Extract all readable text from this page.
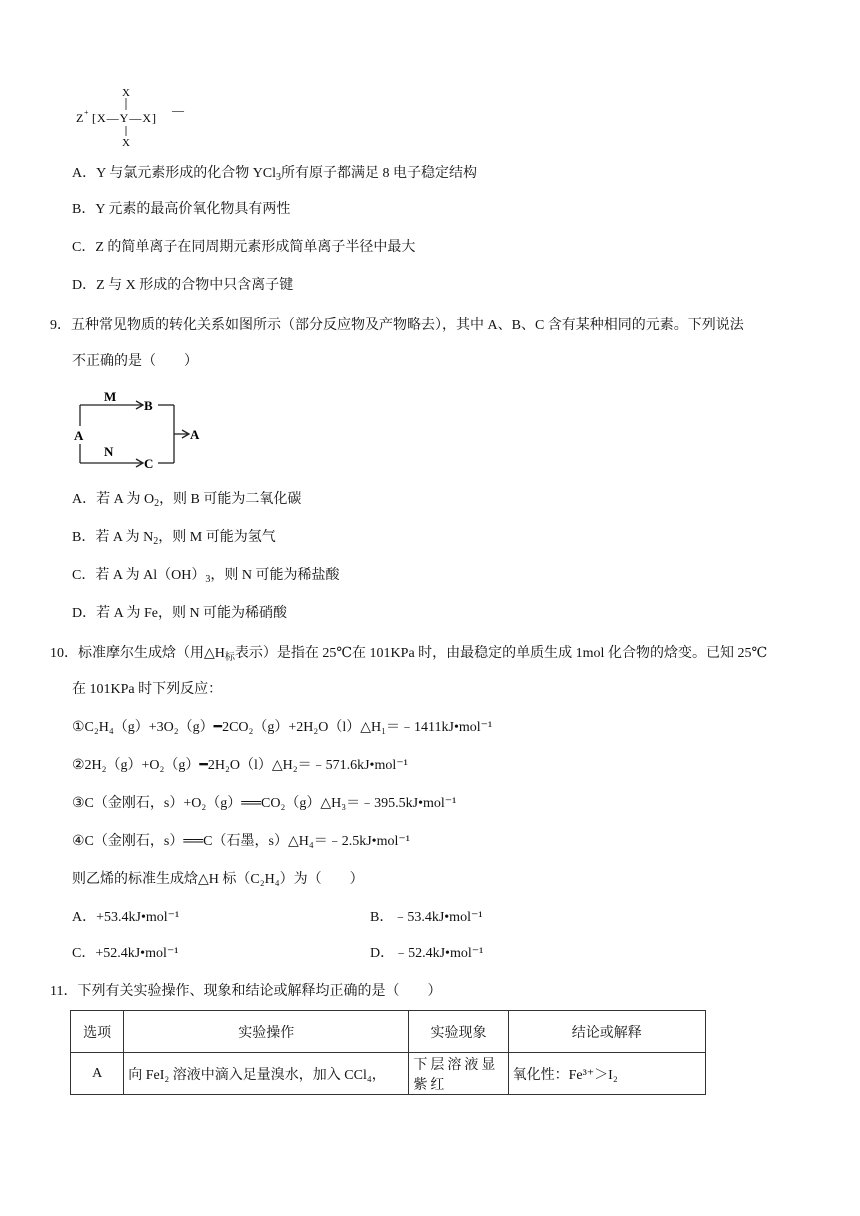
X
Z + [X—Y—X]
X
—
A．Y 与氯元素形成的化合物 YCl$_3$所有原子都满足 8 电子稳定结构
B．Y 元素的最高价氧化物具有两性
C．Z 的简单离子在同周期元素形成简单离子半径中最大
D．Z 与 X 形成的合物中只含离子键
9．五种常见物质的转化关系如图所示（部分反应物及产物略去），其中 A、B、C 含有某种相同的元素。下列说法
不正确的是（　　）
M
B
N
C
A	A
A．若 A 为 $O_2$，则 B 可能为二氧化碳
B．若 A 为 $N_2$，则 M 可能为氢气
C．若 A 为 $Al(OH)_3$，则 N 可能为稀盐酸
D．若 A 为 Fe，则 N 可能为稀硝酸
10．标准摩尔生成焓（用$\triangle H_标$表示）是指在 25℃在 101KPa 时，由最稳定的单质生成 1mol 化合物的焓变。已知 25℃
在 101KPa 时下列反应：
①C₂H₄（g）+3O₂（g）━2CO₂（g）+2H₂O（l）△H₁＝﹣1411kJ•mol⁻¹
②2H₂（g）+O₂（g）━2H₂O（l）△H₂＝﹣571.6kJ•mol⁻¹
③C（金刚石，s）+O₂（g）══CO₂（g）△H₃＝﹣395.5kJ•mol⁻¹
④C（金刚石，s）══C（石墨，s）△H₄＝﹣2.5kJ•mol⁻¹
则乙烯的标准生成焓△H 标（C₂H₄）为（　　）
A．+53.4kJ•mol⁻¹	B．﹣53.4kJ•mol⁻¹
C．+52.4kJ•mol⁻¹	D．﹣52.4kJ•mol⁻¹
11．下列有关实验操作、现象和结论或解释均正确的是（　　）
选项	实验操作	实验现象	结论或解释
A	向 FeI₂ 溶液中滴入足量溴水，加入 CCl₄，	下层溶液显紫红	氧化性：Fe³⁺＞I₂
